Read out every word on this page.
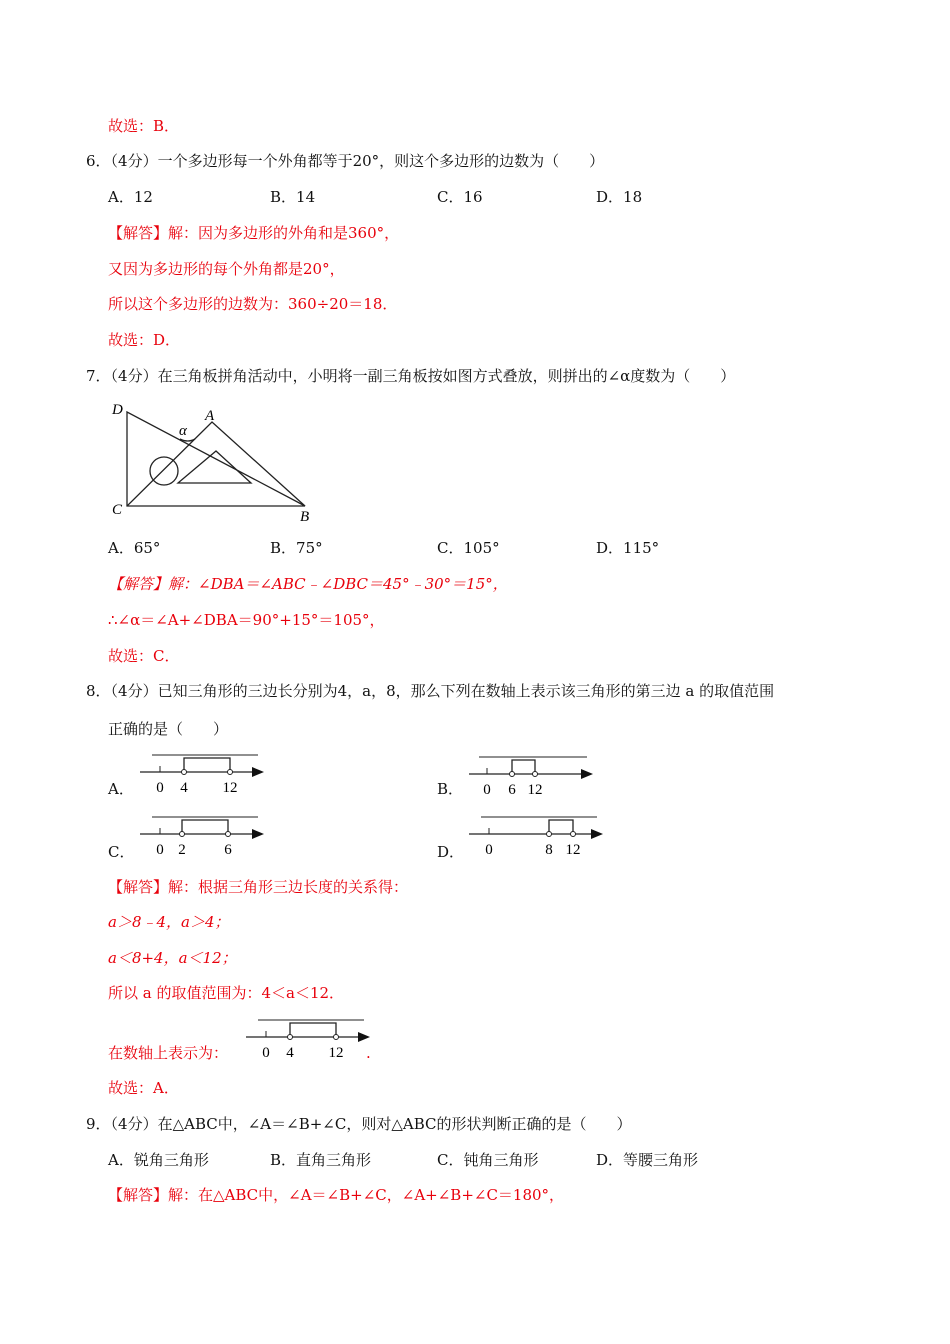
故选：B．
6．（4分）一个多边形每一个外角都等于20°，则这个多边形的边数为（　　）
A．12	B．14	C．16	D．18
【解答】解：因为多边形的外角和是360°，
又因为多边形的每个外角都是20°，
所以这个多边形的边数为：360÷20＝18．
故选：D．
7．（4分）在三角板拼角活动中，小明将一副三角板按如图方式叠放，则拼出的∠α度数为（　　）
D	A
α
C	B
A．65°	B．75°	C．105°	D．115°
【解答】解：∠DBA＝∠ABC﹣∠DBC＝45°﹣30°＝15°，
∴∠α＝∠A+∠DBA＝90°+15°＝105°，
故选：C．
8．（4分）已知三角形的三边长分别为4，a，8，那么下列在数轴上表示该三角形的第三边 a 的取值范围
正确的是（　　）
A． 0 4 12	B． 0 6 12
C． 0 2	6	D． 0	8 12
【解答】解：根据三角形三边长度的关系得：
a＞8﹣4，a＞4；
a＜8+4，a＜12；
所以 a 的取值范围为：4＜a＜12．
在数轴上表示为： 0 4 12 .
故选：A．
9．（4分）在△ABC中，∠A＝∠B+∠C，则对△ABC的形状判断正确的是（　　）
A．锐角三角形	B．直角三角形	C．钝角三角形	D．等腰三角形
【解答】解：在△ABC中，∠A＝∠B+∠C，∠A+∠B+∠C＝180°，
